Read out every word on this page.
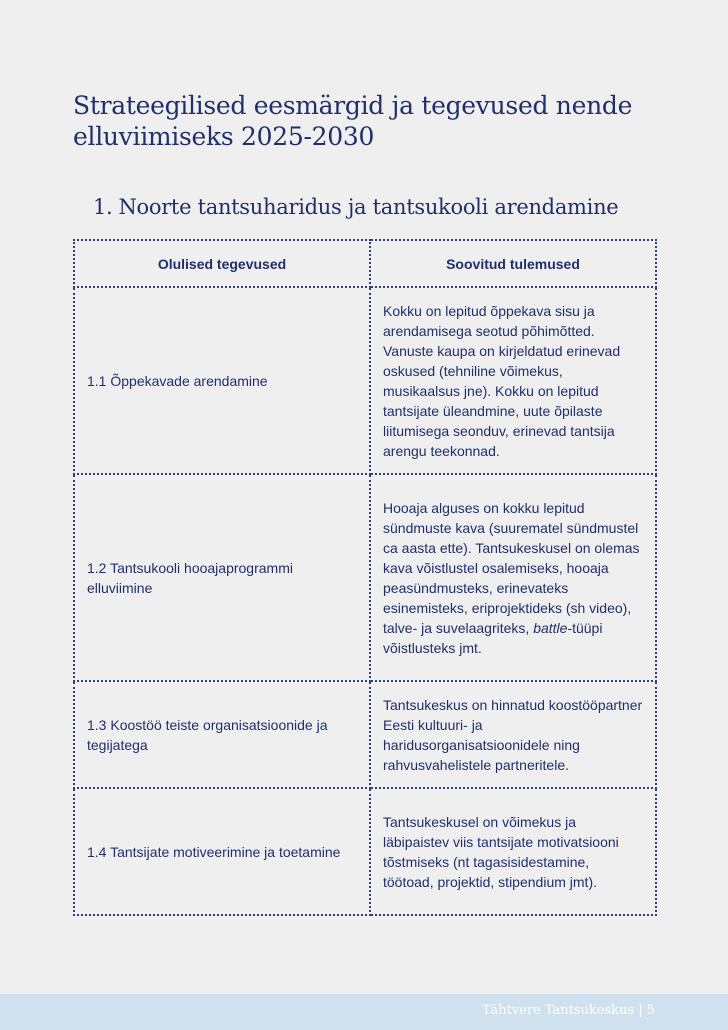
Strateegilised eesmärgid ja tegevused nende elluviimiseks 2025-2030
1. Noorte tantsuharidus ja tantsukooli arendamine
Olulised tegevused	Soovitud tulemused
1.1 Õppekavade arendamine	Kokku on lepitud õppekava sisu ja arendamisega seotud põhimõtted. Vanuste kaupa on kirjeldatud erinevad oskused (tehniline võimekus, musikaalsus jne). Kokku on lepitud tantsijate üleandmine, uute õpilaste liitumisega seonduv, erinevad tantsija arengu teekonnad.
1.2 Tantsukooli hooajaprogrammi elluviimine	Hooaja alguses on kokku lepitud sündmuste kava (suurematel sündmustel ca aasta ette). Tantsukeskusel on olemas kava võistlustel osalemiseks, hooaja peasündmusteks, erinevateks esinemisteks, eriprojektideks (sh video), talve- ja suvelaagriteks, battle-tüüpi võistlusteks jmt.
1.3 Koostöö teiste organisatsioonide ja tegijatega	Tantsukeskus on hinnatud koostööpartner Eesti kultuuri- ja haridusorganisatsioonidele ning rahvusvahelistele partneritele.
1.4 Tantsijate motiveerimine ja toetamine	Tantsukeskusel on võimekus ja läbipaistev viis tantsijate motivatsiooni tõstmiseks (nt tagasisidestamine, töötoad, projektid, stipendium jmt).
Tähtvere Tantsukeskus | 5
